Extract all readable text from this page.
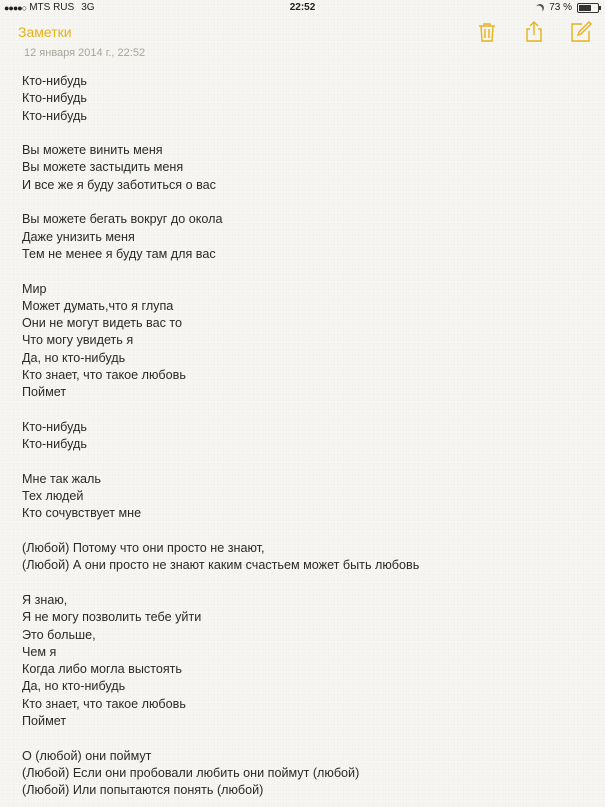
●●●●○ MTS RUS 3G	22:52	73 %
Заметки
12 января 2014 г., 22:52
Кто-нибудь
Кто-нибудь
Кто-нибудь
Вы можете винить меня
Вы можете застыдить меня
И все же я буду заботиться о вас
Вы можете бегать вокруг до окола
Даже унизить меня
Тем не менее я буду там для вас
Мир
Может думать,что я глупа
Они не могут видеть вас то
Что могу увидеть я
Да, но кто-нибудь
Кто знает, что такое любовь
Поймет
Кто-нибудь
Кто-нибудь
Мне так жаль
Тех людей
Кто сочувствует мне
(Любой) Потому что они просто не знают,
(Любой) А они просто не знают каким счастьем может быть любовь
Я знаю,
Я не могу позволить тебе уйти
Это больше,
Чем я
Когда либо могла выстоять
Да, но кто-нибудь
Кто знает, что такое любовь
Поймет
О (любой) они поймут
(Любой) Если они пробовали любить они поймут (любой)
(Любой) Или попытаются понять (любой)
